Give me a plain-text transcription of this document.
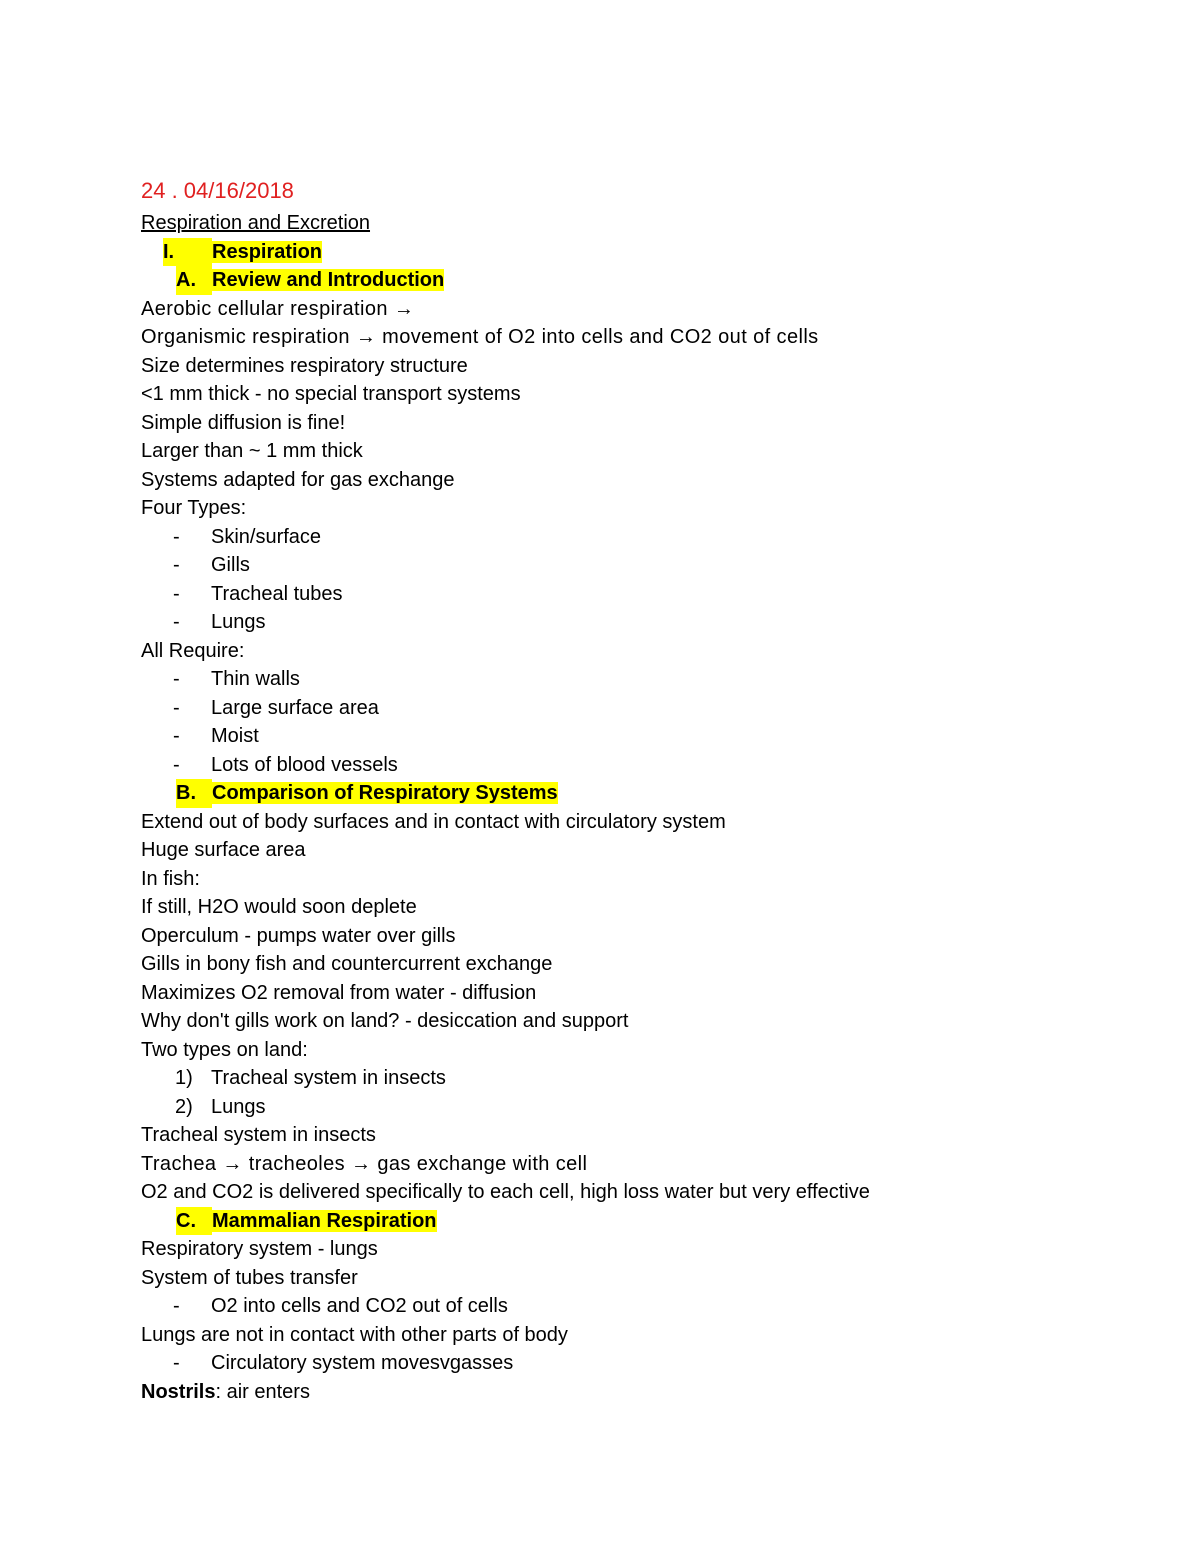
24 . 04/16/2018
Respiration and Excretion
I. Respiration
A. Review and Introduction
Aerobic cellular respiration →
Organismic respiration → movement of O2 into cells and CO2 out of cells
Size determines respiratory structure
<1 mm thick - no special transport systems
Simple diffusion is fine!
Larger than ~ 1 mm thick
Systems adapted for gas exchange
Four Types:
- Skin/surface
- Gills
- Tracheal tubes
- Lungs
All Require:
- Thin walls
- Large surface area
- Moist
- Lots of blood vessels
B. Comparison of Respiratory Systems
Extend out of body surfaces and in contact with circulatory system
Huge surface area
In fish:
If still, H2O would soon deplete
Operculum - pumps water over gills
Gills in bony fish and countercurrent exchange
Maximizes O2 removal from water - diffusion
Why don't gills work on land? - desiccation and support
Two types on land:
1) Tracheal system in insects
2) Lungs
Tracheal system in insects
Trachea → tracheoles → gas exchange with cell
O2 and CO2 is delivered specifically to each cell, high loss water but very effective
C. Mammalian Respiration
Respiratory system - lungs
System of tubes transfer
- O2 into cells and CO2 out of cells
Lungs are not in contact with other parts of body
- Circulatory system movesvgasses
Nostrils: air enters
